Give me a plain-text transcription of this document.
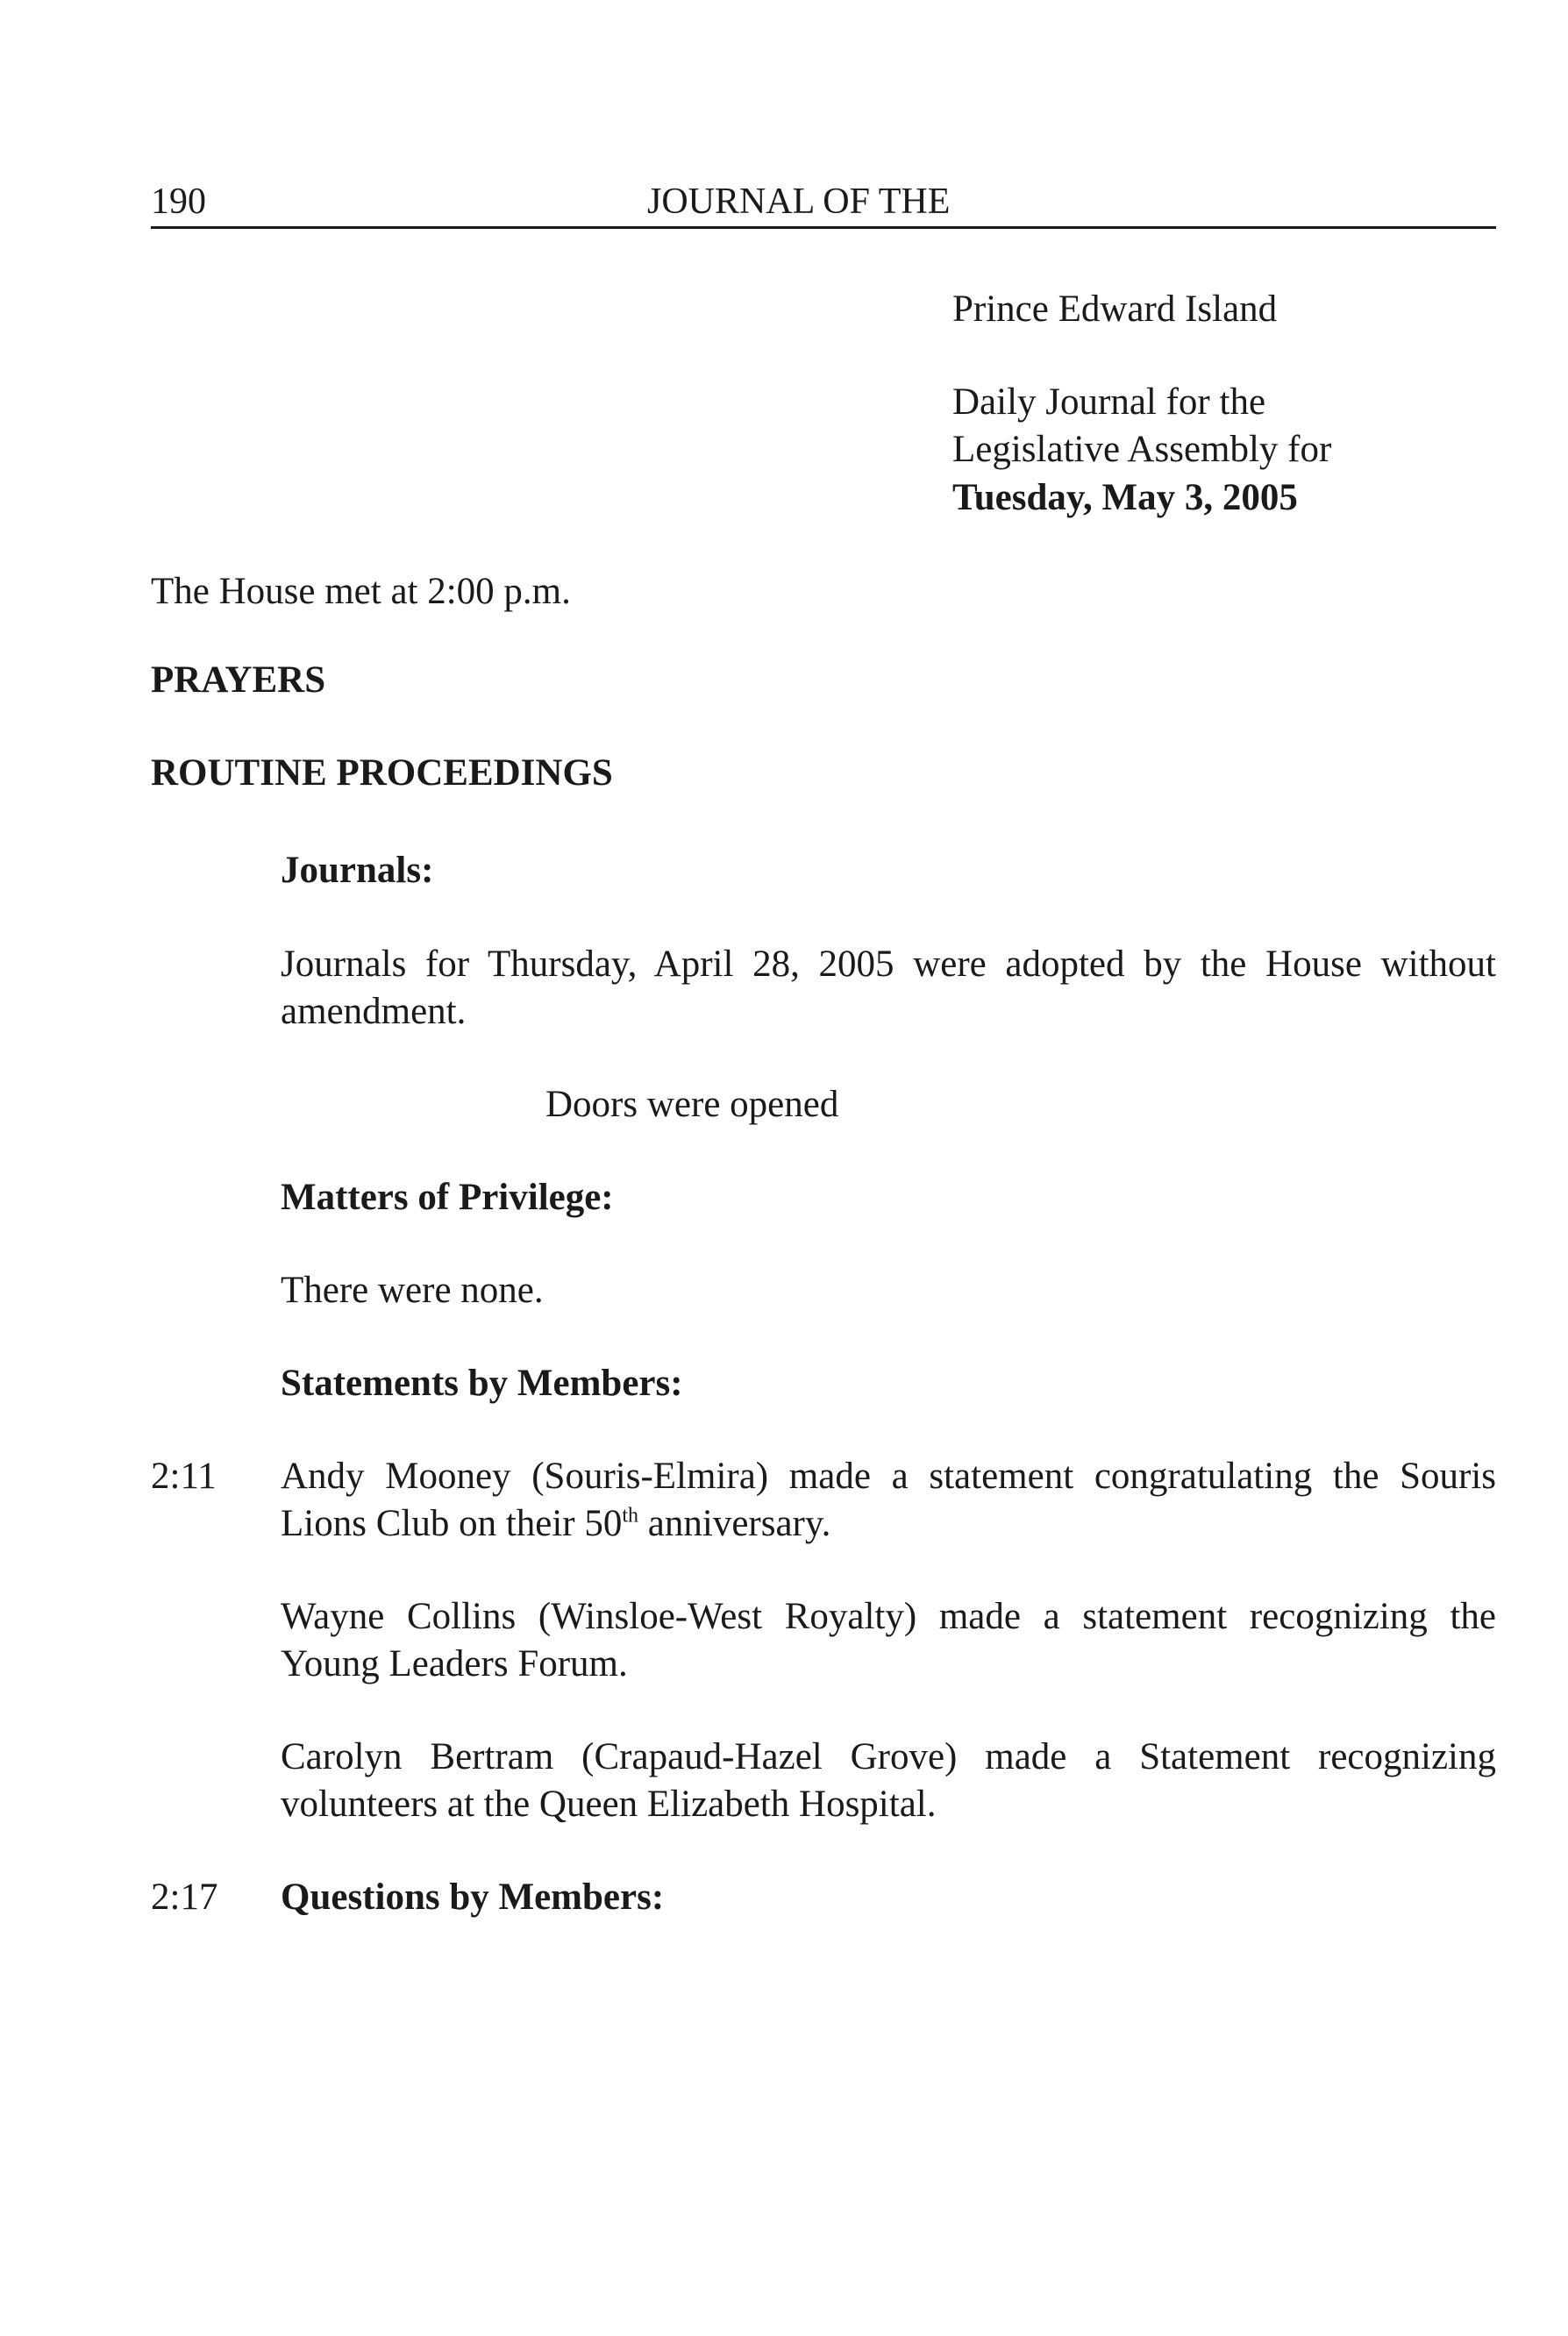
190	JOURNAL OF THE
Prince Edward Island
Daily Journal for the
Legislative Assembly for
Tuesday, May 3, 2005
The House met at 2:00 p.m.
PRAYERS
ROUTINE PROCEEDINGS
Journals:
Journals for Thursday, April 28, 2005 were adopted by the House without amendment.
Doors were opened
Matters of Privilege:
There were none.
Statements by Members:
2:11 Andy Mooney (Souris-Elmira) made a statement congratulating the Souris Lions Club on their 50th anniversary.
Wayne Collins (Winsloe-West Royalty) made a statement recognizing the Young Leaders Forum.
Carolyn Bertram (Crapaud-Hazel Grove) made a Statement recognizing volunteers at the Queen Elizabeth Hospital.
2:17 Questions by Members:
